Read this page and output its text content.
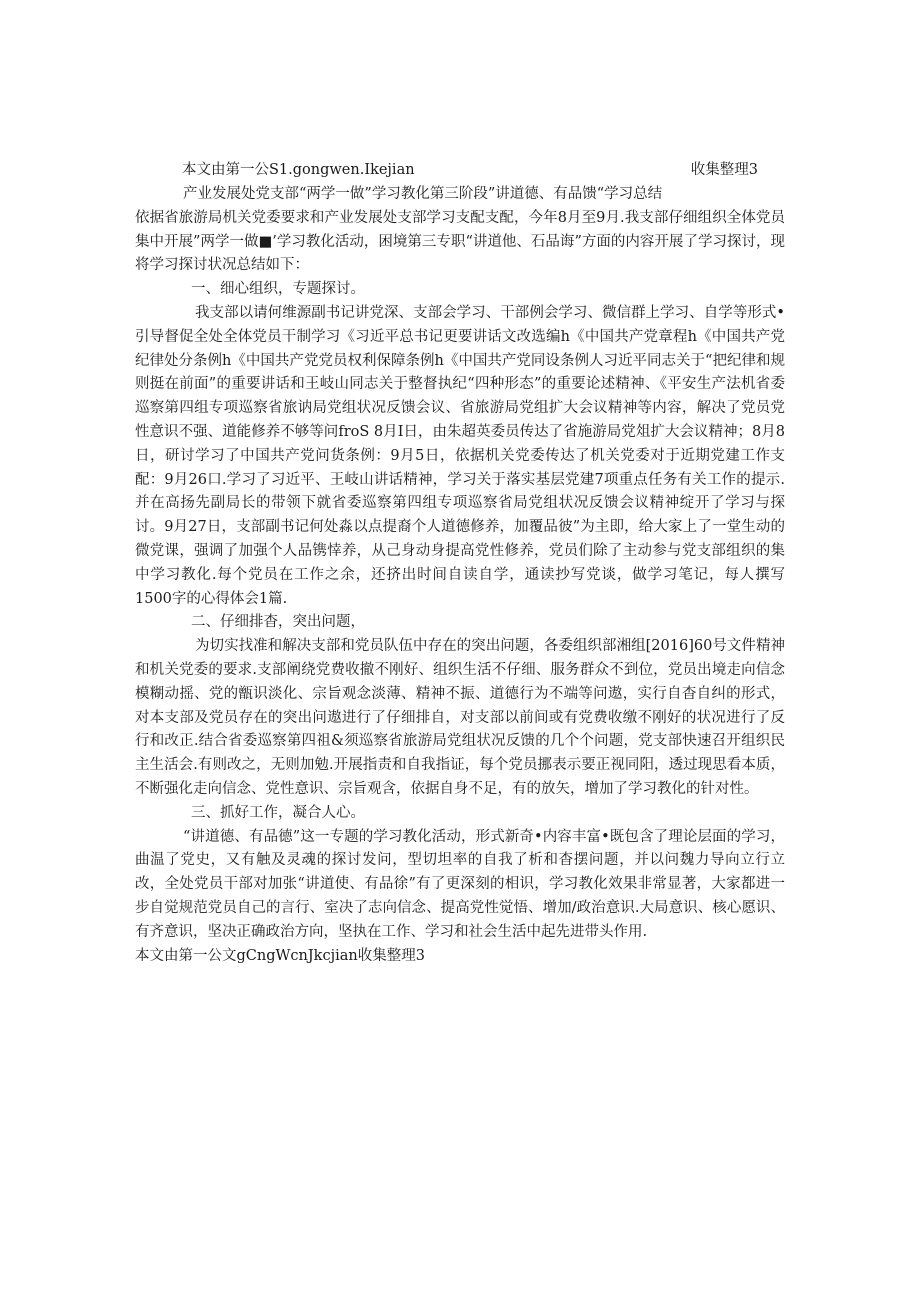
本文由第一公S1.gongwen.Ikejian	收集整理3

产业发展处党支部“两学一做”学习教化第三阶段”讲道德、有品馈“学习总结

依据省旅游局机关党委要求和产业发展处支部学习支配支配，今年8月至9月.我支部仔细组织全体党员集中开展”两学一做■’学习教化活动，困境第三专职“讲道他、石品诲”方面的内容开展了学习探讨，现将学习探讨状况总结如下：

一、细心组织，专题探讨。

我支部以请何维源副书记讲党深、支部会学习、干部例会学习、微信群上学习、自学等形式•引导督促全处全体党员干制学习《习近平总书记更要讲话文改选编h《中国共产党章程h《中国共产党纪律处分条例h《中国共产党党员权利保障条例h《中国共产党同设条例人习近平同志关于“把纪律和规则挺在前面”的重要讲话和王岐山同志关于整督执纪“四种形态”的重要论述精神、《平安生产法机省委巡察第四组专项巡察省旅讷局党组状况反馈会议、省旅游局党组扩大会议精神等内容，解决了党员党性意识不强、道能修养不够等问froS 8月I日，由朱超英委员传达了省施游局党俎扩大会议精神；8月8日，研讨学习了中国共产党问货条例：9月5日，依据机关党委传达了机关党委对于近期党建工作支配：9月26口.学习了习近平、王岐山讲话精神，学习关于落实基层党建7项重点任务有关工作的提示.并在高扬先副局长的带领下就省委巡察第四组专项巡察省局党组状况反馈会议精神绽开了学习与探讨。9月27日，支部副书记何处淼以点提裔个人道德修养，加覆品彼”为主即，给大家上了一堂生动的微党课，强调了加强个人品镌悻养，从己身动身提高党性修养，党员们除了主动参与党支部组织的集中学习教化.每个党员在工作之余，还挤出时间自读自学，通读抄写党谈，做学习笔记，每人撰写1500字的心得体会1篇.

二、仔细排杳，突出问题，

为切实找准和解决支部和党员队伍中存在的突出问题，各委组织部湘组[2016]60号文件精神和机关党委的要求.支部阐绕党费收撤不刚好、组织生活不仔细、服务群众不到位，党员出境走向信念模糊动摇、党的甑识淡化、宗旨观念淡薄、精神不振、道德行为不端等问遨，实行自杳自纠的形式，对本支部及党员存在的突出问遨进行了仔细排自，对支部以前间或有党费收缴不刚好的状况进行了反行和改正.结合省委巡察第四祖&须巡察省旅游局党组状况反馈的几个个问题，党支部快速召开组织民主生活会.有则改之，无则加勉.开展指责和自我指证，每个党员挪表示要正视同阳，透过现思看本质，不断强化走向信念、党性意识、宗旨观含，依据自身不足，有的放矢，增加了学习教化的针对性。

三、抓好工作，凝合人心。

“讲道德、有品德”这一专题的学习教化活动，形式新奇•内容丰富•既包含了理论层面的学习，曲温了党史，又有触及灵魂的探讨发问，型切坦率的自我了析和杳摆问题，并以问魏力导向立行立改，全处党员干部对加张“讲道使、有品徐”有了更深刻的相识，学习教化效果非常显著，大家都进一步自觉规范党员自己的言行、室决了志向信念、提高党性觉悟、增加/政治意识.大局意识、核心愿识、有齐意识，坚决正确政治方向，坚执在工作、学习和社会生活中起先进带头作用.

本文由第一公文gCngWcnJkcjian收集整理3
